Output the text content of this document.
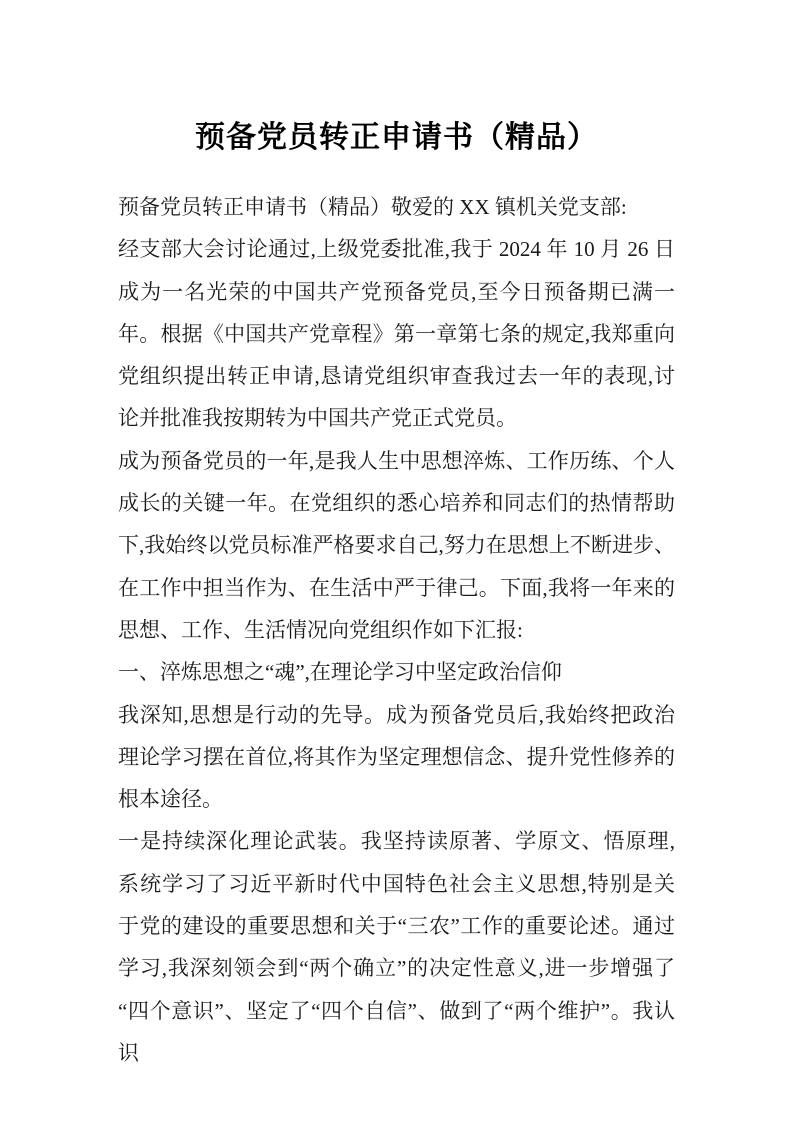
预备党员转正申请书（精品）
预备党员转正申请书（精品）敬爱的 XX 镇机关党支部:
经支部大会讨论通过,上级党委批准,我于 2024 年 10 月 26 日
成为一名光荣的中国共产党预备党员,至今日预备期已满一
年。根据《中国共产党章程》第一章第七条的规定,我郑重向
党组织提出转正申请,恳请党组织审查我过去一年的表现,讨
论并批准我按期转为中国共产党正式党员。
成为预备党员的一年,是我人生中思想淬炼、工作历练、个人
成长的关键一年。在党组织的悉心培养和同志们的热情帮助
下,我始终以党员标准严格要求自己,努力在思想上不断进步、
在工作中担当作为、在生活中严于律己。下面,我将一年来的
思想、工作、生活情况向党组织作如下汇报:
一、淬炼思想之“魂”,在理论学习中坚定政治信仰
我深知,思想是行动的先导。成为预备党员后,我始终把政治
理论学习摆在首位,将其作为坚定理想信念、提升党性修养的
根本途径。
一是持续深化理论武装。我坚持读原著、学原文、悟原理,
系统学习了习近平新时代中国特色社会主义思想,特别是关
于党的建设的重要思想和关于“三农”工作的重要论述。通过
学习,我深刻领会到“两个确立”的决定性意义,进一步增强了
“四个意识”、坚定了“四个自信”、做到了“两个维护”。我认识
